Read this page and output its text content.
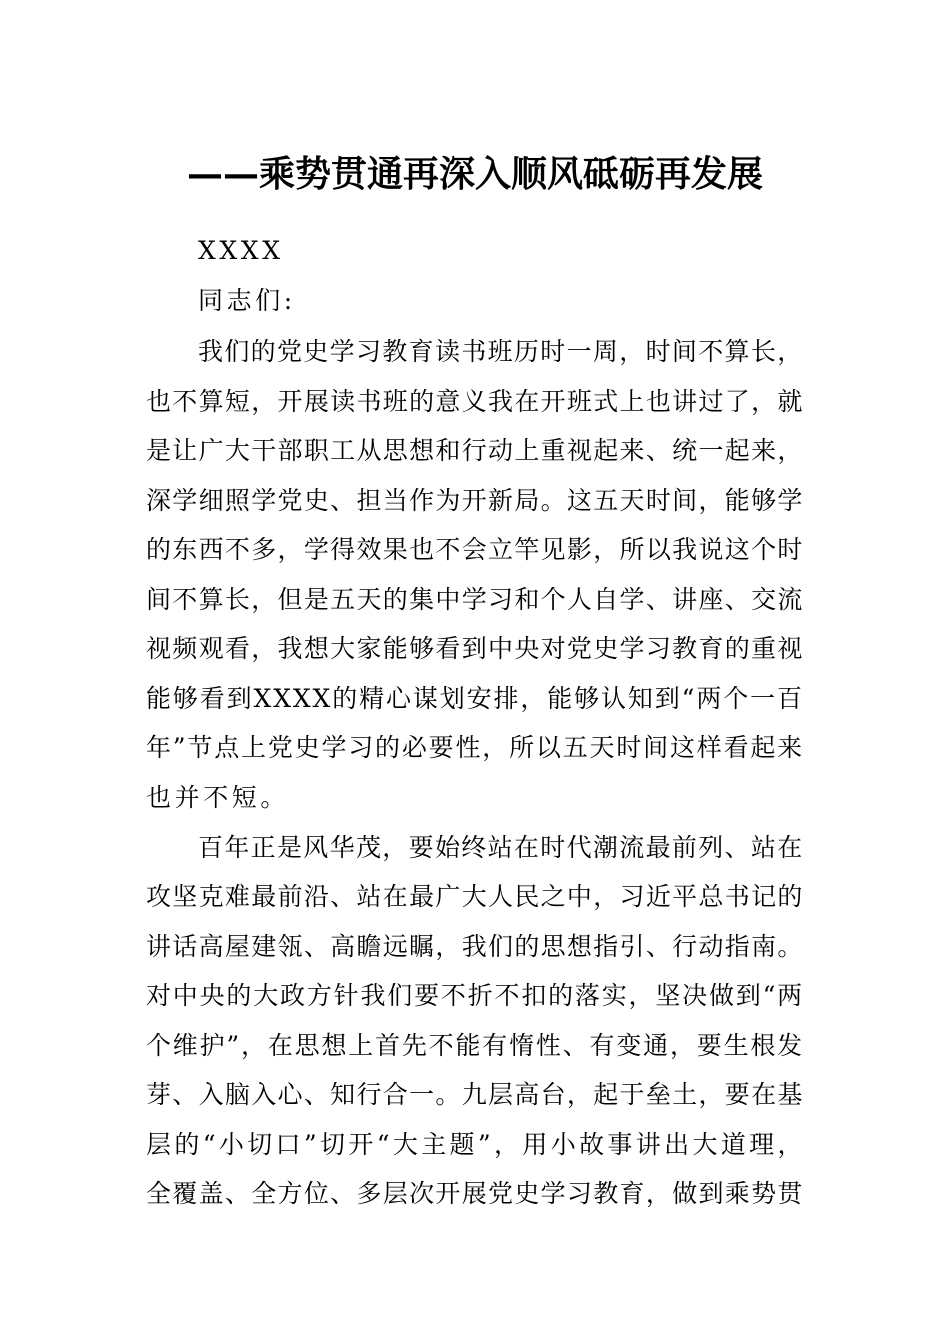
——乘势贯通再深入顺风砥砺再发展
XXXX
同志们:
我们的党史学习教育读书班历时一周，时间不算长，
也不算短，开展读书班的意义我在开班式上也讲过了，就
是让广大干部职工从思想和行动上重视起来、统一起来，
深学细照学党史、担当作为开新局。这五天时间，能够学
的东西不多，学得效果也不会立竿见影，所以我说这个时
间不算长，但是五天的集中学习和个人自学、讲座、交流
视频观看，我想大家能够看到中央对党史学习教育的重视
能够看到XXXX的精心谋划安排，能够认知到“两个一百
年”节点上党史学习的必要性，所以五天时间这样看起来
也并不短。
百年正是风华茂，要始终站在时代潮流最前列、站在
攻坚克难最前沿、站在最广大人民之中，习近平总书记的
讲话高屋建瓴、高瞻远瞩，我们的思想指引、行动指南。
对中央的大政方针我们要不折不扣的落实，坚决做到“两
个维护”，在思想上首先不能有惰性、有变通，要生根发
芽、入脑入心、知行合一。九层高台，起于垒土，要在基
层的“小切口”切开“大主题”，用小故事讲出大道理，
全覆盖、全方位、多层次开展党史学习教育，做到乘势贯
